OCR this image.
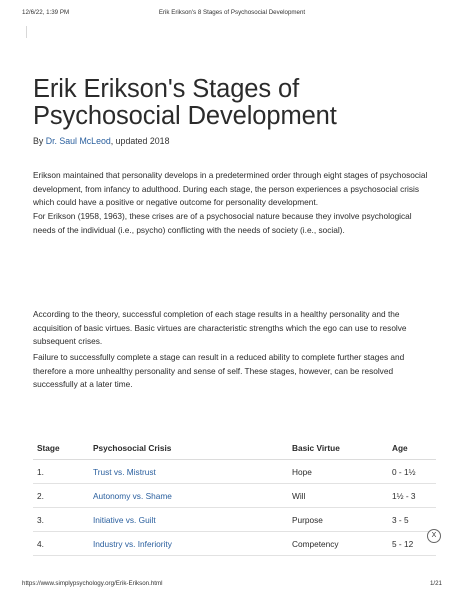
12/6/22, 1:39 PM	Erik Erikson's 8 Stages of Psychosocial Development
Erik Erikson's Stages of Psychosocial Development
By Dr. Saul McLeod, updated 2018

Erikson maintained that personality develops in a predetermined order through eight stages of psychosocial development, from infancy to adulthood. During each stage, the person experiences a psychosocial crisis which could have a positive or negative outcome for personality development.

For Erikson (1958, 1963), these crises are of a psychosocial nature because they involve psychological needs of the individual (i.e., psycho) conflicting with the needs of society (i.e., social).

According to the theory, successful completion of each stage results in a healthy personality and the acquisition of basic virtues. Basic virtues are characteristic strengths which the ego can use to resolve subsequent crises.

Failure to successfully complete a stage can result in a reduced ability to complete further stages and therefore a more unhealthy personality and sense of self. These stages, however, can be resolved successfully at a later time.

Stage	Psychosocial Crisis	Basic Virtue	Age
1.	Trust vs. Mistrust	Hope	0 - 1½
2.	Autonomy vs. Shame	Will	1½ - 3
3.	Initiative vs. Guilt	Purpose	3 - 5
4.	Industry vs. Inferiority	Competency	5 - 12
X
https://www.simplypsychology.org/Erik-Erikson.html	1/21
